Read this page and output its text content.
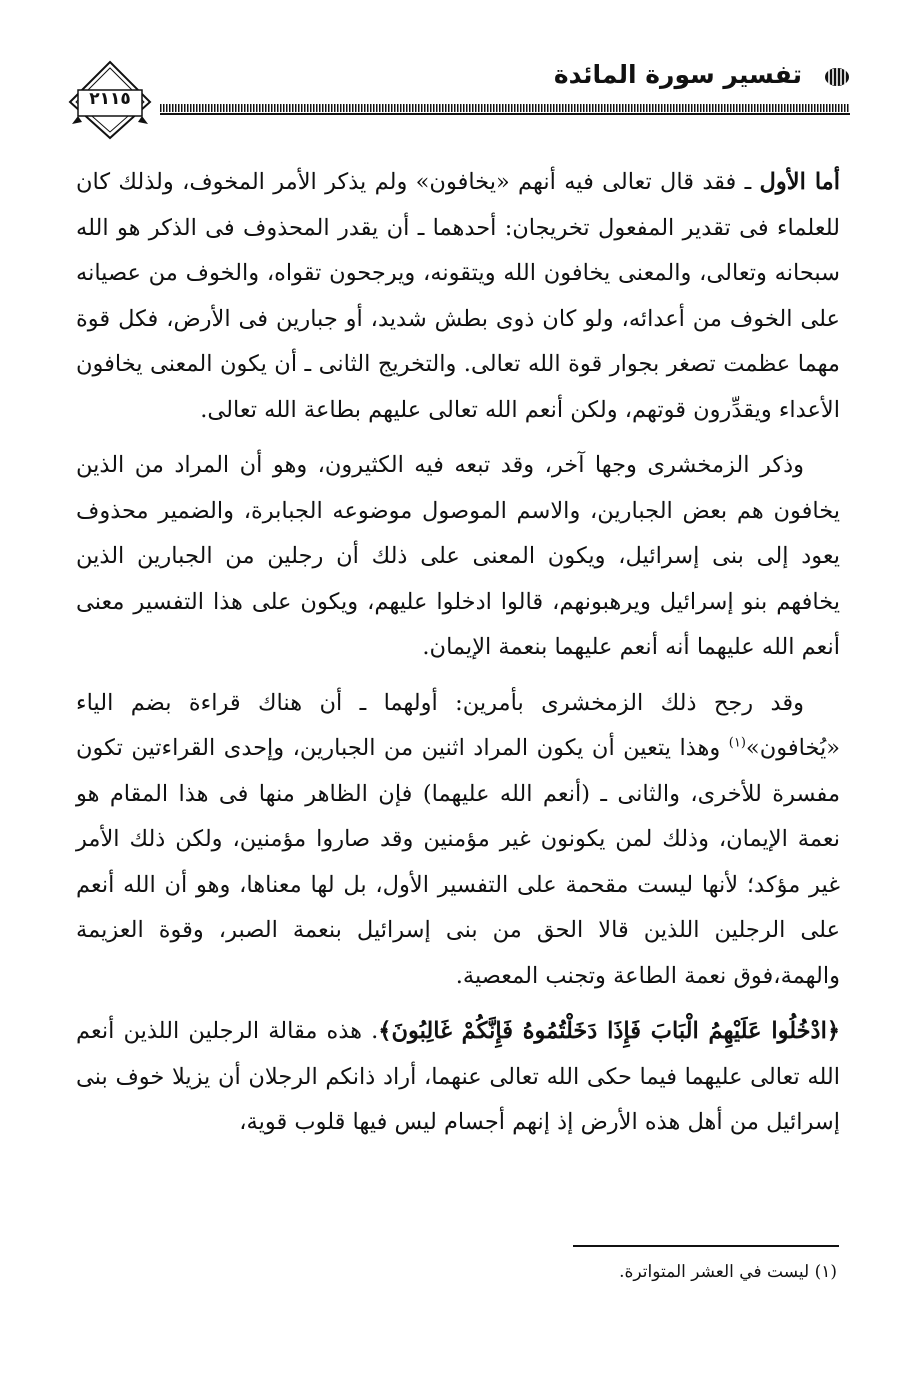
تفسير سورة المائدة
٢١١٥

أما الأول ـ فقد قال تعالى فيه أنهم «يخافون» ولم يذكر الأمر المخوف، ولذلك كان للعلماء فى تقدير المفعول تخريجان: أحدهما ـ أن يقدر المحذوف فى الذكر هو الله سبحانه وتعالى، والمعنى يخافون الله ويتقونه، ويرجحون تقواه، والخوف من عصيانه على الخوف من أعدائه، ولو كان ذوى بطش شديد، أو جبارين فى الأرض، فكل قوة مهما عظمت تصغر بجوار قوة الله تعالى. والتخريج الثانى ـ أن يكون المعنى يخافون الأعداء ويقدِّرون قوتهم، ولكن أنعم الله تعالى عليهم بطاعة الله تعالى.

وذكر الزمخشرى وجها آخر، وقد تبعه فيه الكثيرون، وهو أن المراد من الذين يخافون هم بعض الجبارين، والاسم الموصول موضوعه الجبابرة، والضمير محذوف يعود إلى بنى إسرائيل، ويكون المعنى على ذلك أن رجلين من الجبارين الذين يخافهم بنو إسرائيل ويرهبونهم، قالوا ادخلوا عليهم، ويكون على هذا التفسير معنى أنعم الله عليهما أنه أنعم عليهما بنعمة الإيمان.

وقد رجح ذلك الزمخشرى بأمرين: أولهما ـ أن هناك قراءة بضم الياء «يُخافون»$^{(١)}$ وهذا يتعين أن يكون المراد اثنين من الجبارين، وإحدى القراءتين تكون مفسرة للأخرى، والثانى ـ (أنعم الله عليهما) فإن الظاهر منها فى هذا المقام هو نعمة الإيمان، وذلك لمن يكونون غير مؤمنين وقد صاروا مؤمنين، ولكن ذلك الأمر غير مؤكد؛ لأنها ليست مقحمة على التفسير الأول، بل لها معناها، وهو أن الله أنعم على الرجلين اللذين قالا الحق من بنى إسرائيل بنعمة الصبر، وقوة العزيمة والهمة،فوق نعمة الطاعة وتجنب المعصية.

﴿ادْخُلُوا عَلَيْهِمُ الْبَابَ فَإِذَا دَخَلْتُمُوهُ فَإِنَّكُمْ غَالِبُونَ﴾. هذه مقالة الرجلين اللذين أنعم الله تعالى عليهما فيما حكى الله تعالى عنهما، أراد ذانكم الرجلان أن يزيلا خوف بنى إسرائيل من أهل هذه الأرض إذ إنهم أجسام ليس فيها قلوب قوية،

(١) ليست في العشر المتواترة.
